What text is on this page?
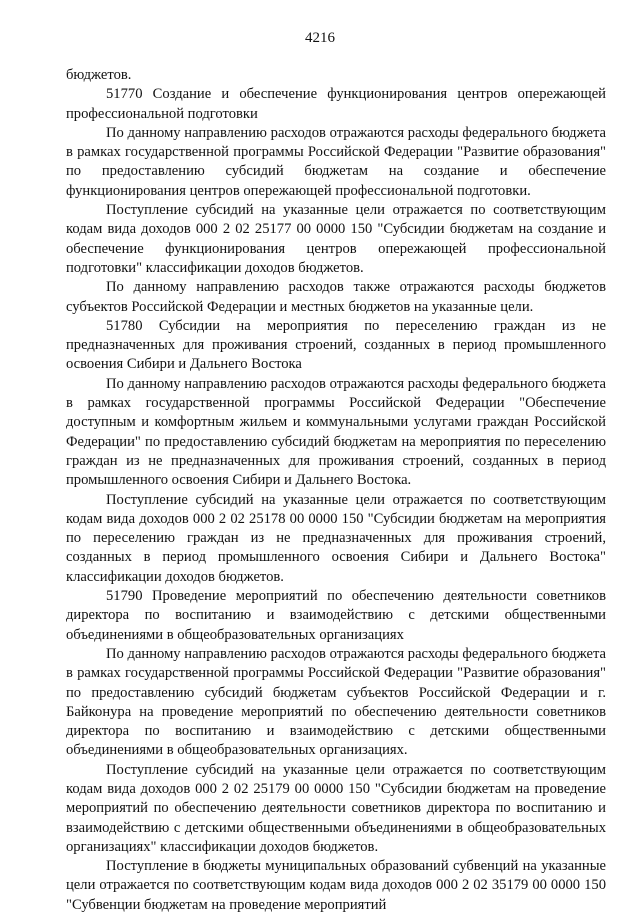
4216

бюджетов.

51770 Создание и обеспечение функционирования центров опережающей профессиональной подготовки

По данному направлению расходов отражаются расходы федерального бюджета в рамках государственной программы Российской Федерации "Развитие образования" по предоставлению субсидий бюджетам на создание и обеспечение функционирования центров опережающей профессиональной подготовки.

Поступление субсидий на указанные цели отражается по соответствующим кодам вида доходов 000 2 02 25177 00 0000 150 "Субсидии бюджетам на создание и обеспечение функционирования центров опережающей профессиональной подготовки" классификации доходов бюджетов.

По данному направлению расходов также отражаются расходы бюджетов субъектов Российской Федерации и местных бюджетов на указанные цели.

51780 Субсидии на мероприятия по переселению граждан из не предназначенных для проживания строений, созданных в период промышленного освоения Сибири и Дальнего Востока

По данному направлению расходов отражаются расходы федерального бюджета в рамках государственной программы Российской Федерации "Обеспечение доступным и комфортным жильем и коммунальными услугами граждан Российской Федерации" по предоставлению субсидий бюджетам на мероприятия по переселению граждан из не предназначенных для проживания строений, созданных в период промышленного освоения Сибири и Дальнего Востока.

Поступление субсидий на указанные цели отражается по соответствующим кодам вида доходов 000 2 02 25178 00 0000 150 "Субсидии бюджетам на мероприятия по переселению граждан из не предназначенных для проживания строений, созданных в период промышленного освоения Сибири и Дальнего Востока" классификации доходов бюджетов.

51790 Проведение мероприятий по обеспечению деятельности советников директора по воспитанию и взаимодействию с детскими общественными объединениями в общеобразовательных организациях

По данному направлению расходов отражаются расходы федерального бюджета в рамках государственной программы Российской Федерации "Развитие образования" по предоставлению субсидий бюджетам субъектов Российской Федерации и г. Байконура на проведение мероприятий по обеспечению деятельности советников директора по воспитанию и взаимодействию с детскими общественными объединениями в общеобразовательных организациях.

Поступление субсидий на указанные цели отражается по соответствующим кодам вида доходов 000 2 02 25179 00 0000 150 "Субсидии бюджетам на проведение мероприятий по обеспечению деятельности советников директора по воспитанию и взаимодействию с детскими общественными объединениями в общеобразовательных организациях" классификации доходов бюджетов.

Поступление в бюджеты муниципальных образований субвенций на указанные цели отражается по соответствующим кодам вида доходов 000 2 02 35179 00 0000 150 "Субвенции бюджетам на проведение мероприятий
